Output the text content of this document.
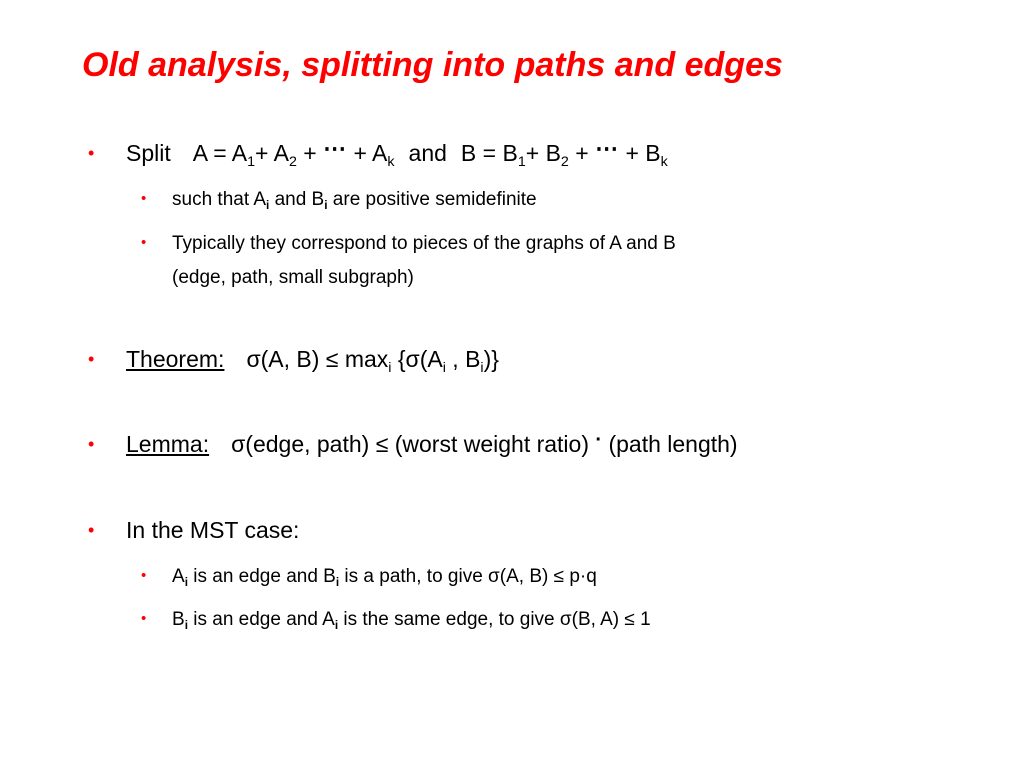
Old analysis, splitting into paths and edges
• Split $A = A_1+ A_2$ + ⋯ + $A_k$ and $B = B_1+ B_2$ + ⋯ + $B_k$
• such that $A_i$ and $B_i$ are positive semidefinite
• Typically they correspond to pieces of the graphs of A and B
(edge, path, small subgraph)
• Theorem: σ(A, $B) \le \max_i \{\sigma(A_i$ , $B_i$)}
• Lemma: σ(edge, path) ≤ (worst weight ratio) · (path length)
• In the MST case:
• $A_i$ is an edge and $B_i$ is a path, to give σ(A, B) ≤ p·q
• $B_i$ is an edge and $A_i$ is the same edge, to give σ(B, A) ≤ 1
